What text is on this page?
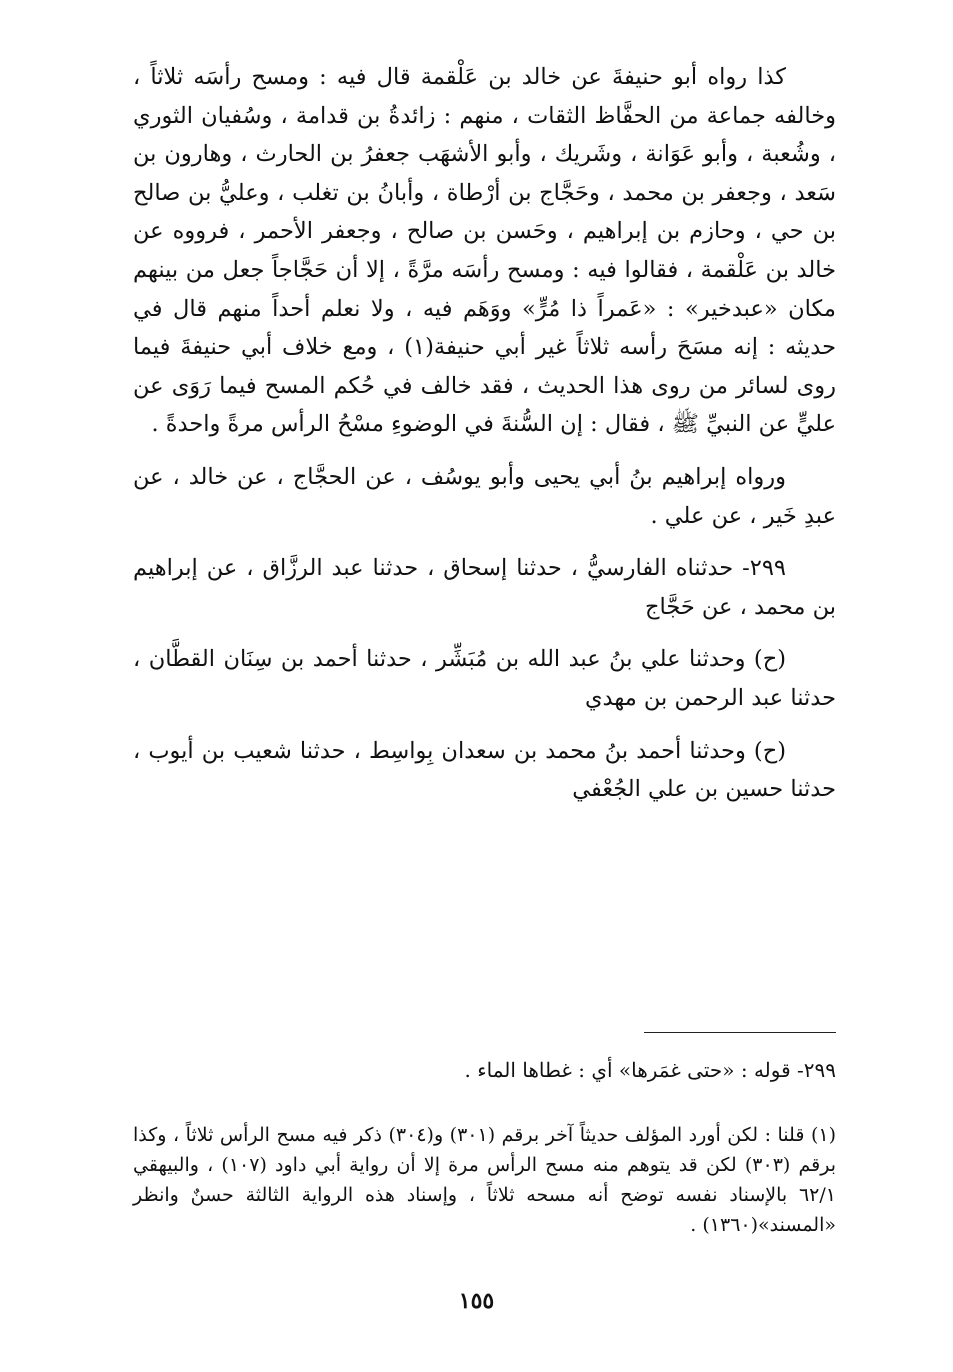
كذا رواه أبو حنيفةَ عن خالد بن عَلْقمة قال فيه : ومسح رأسَه ثلاثاً ، وخالفه جماعة من الحفَّاظ الثقات ، منهم : زائدةُ بن قدامة ، وسُفيان الثوري ، وشُعبة ، وأبو عَوَانة ، وشَريك ، وأبو الأشهَب جعفرُ بن الحارث ، وهارون بن سَعد ، وجعفر بن محمد ، وحَجَّاج بن أرْطاة ، وأبانُ بن تغلب ، وعليُّ بن صالح بن حي ، وحازم بن إبراهيم ، وحَسن بن صالح ، وجعفر الأحمر ، فرووه عن خالد بن عَلْقمة ، فقالوا فيه : ومسح رأسَه مرَّةً ، إلا أن حَجَّاجاً جعل من بينهم مكان «عبدخير» : «عَمراً ذا مُرٍّ» ووَهَم فيه ، ولا نعلم أحداً منهم قال في حديثه : إنه مسَحَ رأسه ثلاثاً غير أبي حنيفة(١) ، ومع خلاف أبي حنيفةَ فيما روى لسائر من روى هذا الحديث ، فقد خالف في حُكم المسح فيما رَوَى عن عليٍّ عن النبيِّ ﷺ ، فقال : إن السُّنةَ في الوضوءِ مسْحُ الرأس مرةً واحدةً .

ورواه إبراهيم بنُ أبي يحيى وأبو يوسُف ، عن الحجَّاج ، عن خالد ، عن عبدِ خَير ، عن علي .

٢٩٩- حدثناه الفارسيُّ ، حدثنا إسحاق ، حدثنا عبد الرزَّاق ، عن إبراهيم بن محمد ، عن حَجَّاج

(ح) وحدثنا علي بنُ عبد الله بن مُبَشِّر ، حدثنا أحمد بن سِنَان القطَّان ، حدثنا عبد الرحمن بن مهدي

(ح) وحدثنا أحمد بنُ محمد بن سعدان بِواسِط ، حدثنا شعيب بن أيوب ، حدثنا حسين بن علي الجُعْفي

٢٩٩- قوله : «حتى غمَرها» أي : غطاها الماء .

(١) قلنا : لكن أورد المؤلف حديثاً آخر برقم (٣٠١) و(٣٠٤) ذكر فيه مسح الرأس ثلاثاً ، وكذا برقم (٣٠٣) لكن قد يتوهم منه مسح الرأس مرة إلا أن رواية أبي داود (١٠٧) ، والبيهقي ٦٢/١ بالإسناد نفسه توضح أنه مسحه ثلاثاً ، وإسناد هذه الرواية الثالثة حسنٌ وانظر «المسند»(١٣٦٠) .

١٥٥
